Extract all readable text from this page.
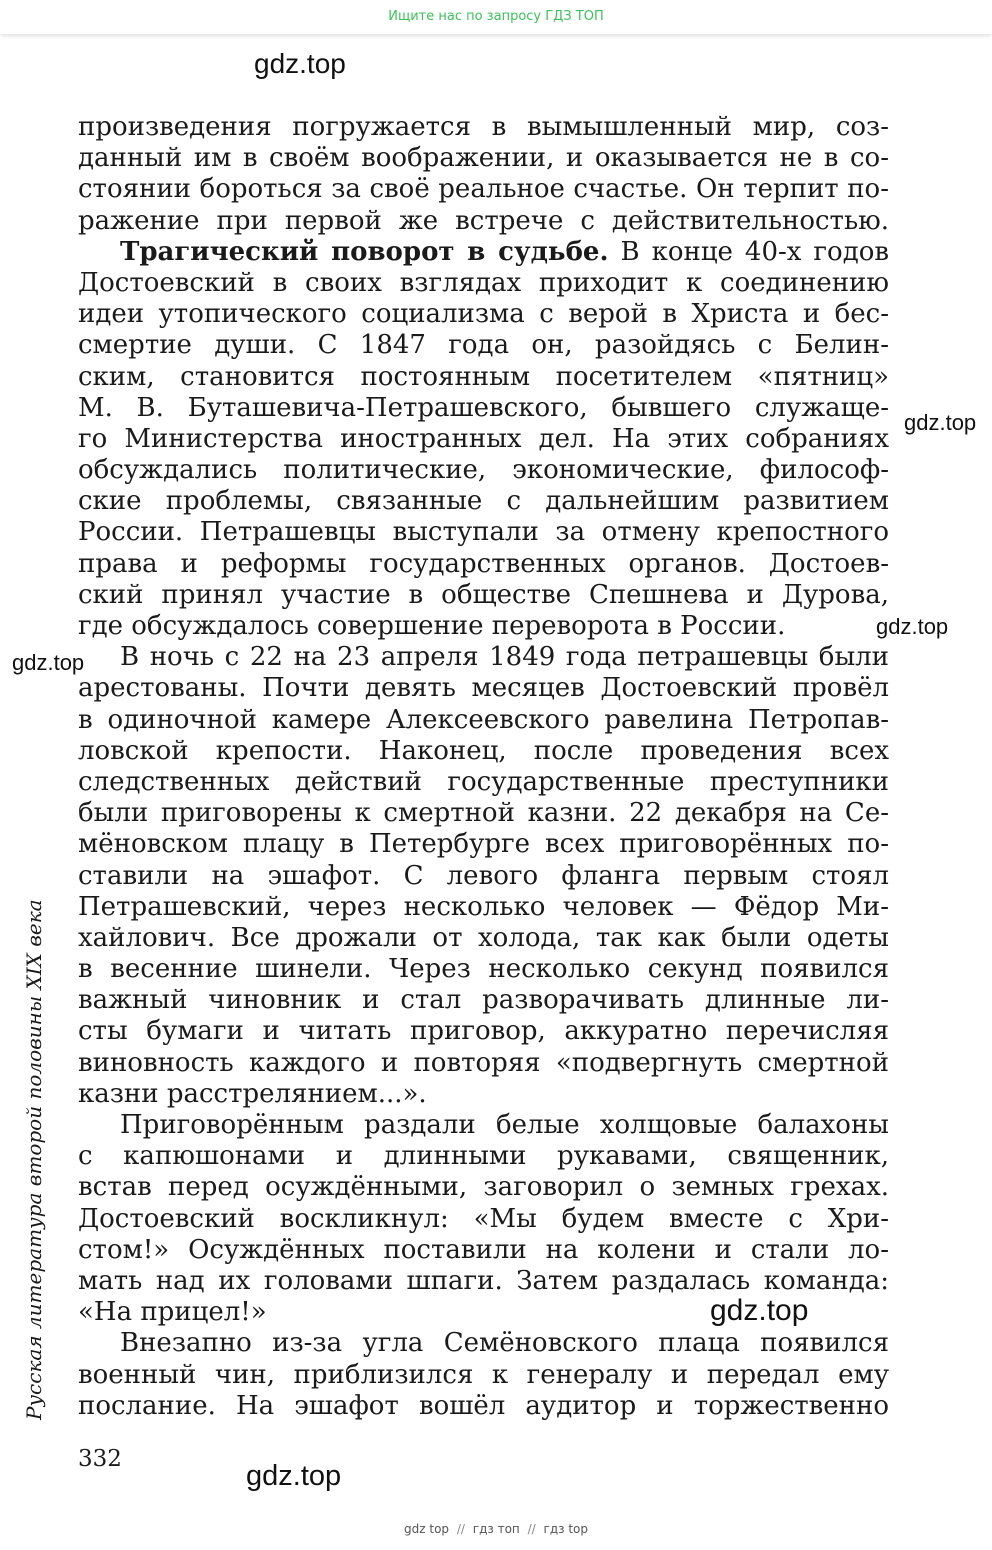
Ищите нас по запросу ГДЗ ТОП
gdz.top
gdz.top
gdz.top
gdz.top
gdz.top
gdz.top
произведения погружается в вымышленный мир, соз-
данный им в своём воображении, и оказывается не в со-
стоянии бороться за своё реальное счастье. Он терпит по-
ражение при первой же встрече с действительностью.
Трагический поворот в судьбе. В конце 40-х годов
Достоевский в своих взглядах приходит к соединению
идеи утопического социализма с верой в Христа и бес-
смертие души. С 1847 года он, разойдясь с Белин-
ским, становится постоянным посетителем «пятниц»
М. В. Буташевича-Петрашевского, бывшего служаще-
го Министерства иностранных дел. На этих собраниях
обсуждались политические, экономические, философ-
ские проблемы, связанные с дальнейшим развитием
России. Петрашевцы выступали за отмену крепостного
права и реформы государственных органов. Достоев-
ский принял участие в обществе Спешнева и Дурова,
где обсуждалось совершение переворота в России.
В ночь с 22 на 23 апреля 1849 года петрашевцы были
арестованы. Почти девять месяцев Достоевский провёл
в одиночной камере Алексеевского равелина Петропав-
ловской крепости. Наконец, после проведения всех
следственных действий государственные преступники
были приговорены к смертной казни. 22 декабря на Се-
мёновском плацу в Петербурге всех приговорённых по-
ставили на эшафот. С левого фланга первым стоял
Петрашевский, через несколько человек — Фёдор Ми-
хайлович. Все дрожали от холода, так как были одеты
в весенние шинели. Через несколько секунд появился
важный чиновник и стал разворачивать длинные ли-
сты бумаги и читать приговор, аккуратно перечисляя
виновность каждого и повторяя «подвергнуть смертной
казни расстрелянием...».
Приговорённым раздали белые холщовые балахоны
с капюшонами и длинными рукавами, священник,
встав перед осуждёнными, заговорил о земных грехах.
Достоевский воскликнул: «Мы будем вместе с Хри-
стом!» Осуждённых поставили на колени и стали ло-
мать над их головами шпаги. Затем раздалась команда:
«На прицел!»
Внезапно из-за угла Семёновского плаца появился
военный чин, приблизился к генералу и передал ему
послание. На эшафот вошёл аудитор и торжественно
Русская литература второй половины XIX века
332
gdz top // гдз топ // гдз top
